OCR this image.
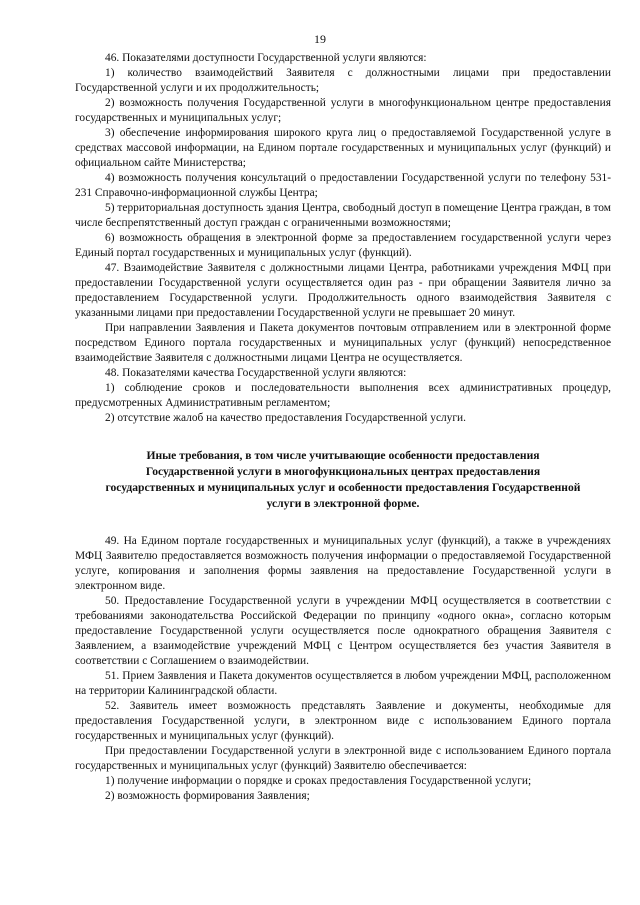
19

46. Показателями доступности Государственной услуги являются:

1) количество взаимодействий Заявителя с должностными лицами при предоставлении Государственной услуги и их продолжительность;

2) возможность получения Государственной услуги в многофункциональном центре предоставления государственных и муниципальных услуг;

3) обеспечение информирования широкого круга лиц о предоставляемой Государственной услуге в средствах массовой информации, на Едином портале государственных и муниципальных услуг (функций) и официальном сайте Министерства;

4) возможность получения консультаций о предоставлении Государственной услуги по телефону 531-231 Справочно-информационной службы Центра;

5) территориальная доступность здания Центра, свободный доступ в помещение Центра граждан, в том числе беспрепятственный доступ граждан с ограниченными возможностями;

6) возможность обращения в электронной форме за предоставлением государственной услуги через Единый портал государственных и муниципальных услуг (функций).

47. Взаимодействие Заявителя с должностными лицами Центра, работниками учреждения МФЦ при предоставлении Государственной услуги осуществляется один раз - при обращении Заявителя лично за предоставлением Государственной услуги. Продолжительность одного взаимодействия Заявителя с указанными лицами при предоставлении Государственной услуги не превышает 20 минут.

При направлении Заявления и Пакета документов почтовым отправлением или в электронной форме посредством Единого портала государственных и муниципальных услуг (функций) непосредственное взаимодействие Заявителя с должностными лицами Центра не осуществляется.

48. Показателями качества Государственной услуги являются:

1) соблюдение сроков и последовательности выполнения всех административных процедур, предусмотренных Административным регламентом;

2) отсутствие жалоб на качество предоставления Государственной услуги.

Иные требования, в том числе учитывающие особенности предоставления Государственной услуги в многофункциональных центрах предоставления государственных и муниципальных услуг и особенности предоставления Государственной услуги в электронной форме.

49. На Едином портале государственных и муниципальных услуг (функций), а также в учреждениях МФЦ Заявителю предоставляется возможность получения информации о предоставляемой Государственной услуге, копирования и заполнения формы заявления на предоставление Государственной услуги в электронном виде.

50. Предоставление Государственной услуги в учреждении МФЦ осуществляется в соответствии с требованиями законодательства Российской Федерации по принципу «одного окна», согласно которым предоставление Государственной услуги осуществляется после однократного обращения Заявителя с Заявлением, а взаимодействие учреждений МФЦ с Центром осуществляется без участия Заявителя в соответствии с Соглашением о взаимодействии.

51. Прием Заявления и Пакета документов осуществляется в любом учреждении МФЦ, расположенном на территории Калининградской области.

52. Заявитель имеет возможность представлять Заявление и документы, необходимые для предоставления Государственной услуги, в электронном виде с использованием Единого портала государственных и муниципальных услуг (функций).

При предоставлении Государственной услуги в электронной виде с использованием Единого портала государственных и муниципальных услуг (функций) Заявителю обеспечивается:

1) получение информации о порядке и сроках предоставления Государственной услуги;

2) возможность формирования Заявления;
